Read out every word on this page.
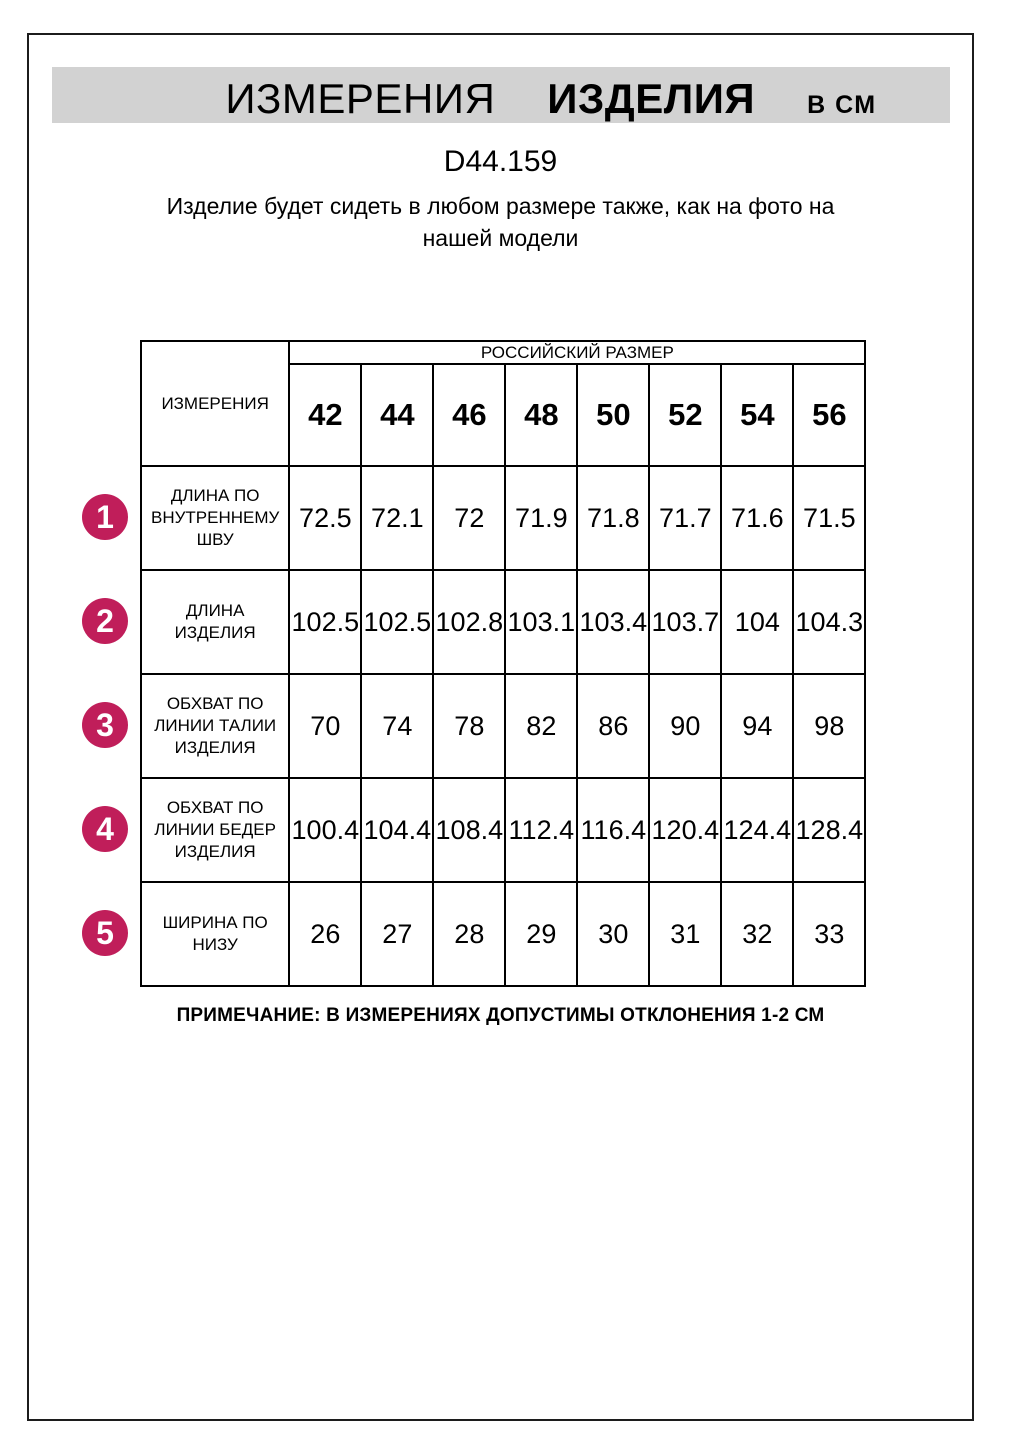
ИЗМЕРЕНИЯ ИЗДЕЛИЯ В СМ
D44.159
Изделие будет сидеть в любом размере также, как на фото на нашей модели
ИЗМЕРЕНИЯ	РОССИЙСКИЙ РАЗМЕР							
	42	44	46	48	50	52	54	56
ДЛИНА ПО ВНУТРЕННЕМУ ШВУ	72.5	72.1	72	71.9	71.8	71.7	71.6	71.5
ДЛИНА ИЗДЕЛИЯ	102.5	102.5	102.8	103.1	103.4	103.7	104	104.3
ОБХВАТ ПО ЛИНИИ ТАЛИИ ИЗДЕЛИЯ	70	74	78	82	86	90	94	98
ОБХВАТ ПО ЛИНИИ БЕДЕР ИЗДЕЛИЯ	100.4	104.4	108.4	112.4	116.4	120.4	124.4	128.4
ШИРИНА ПО НИЗУ	26	27	28	29	30	31	32	33
1
2
3
4
5
ПРИМЕЧАНИЕ: В ИЗМЕРЕНИЯХ ДОПУСТИМЫ ОТКЛОНЕНИЯ 1-2 СМ
